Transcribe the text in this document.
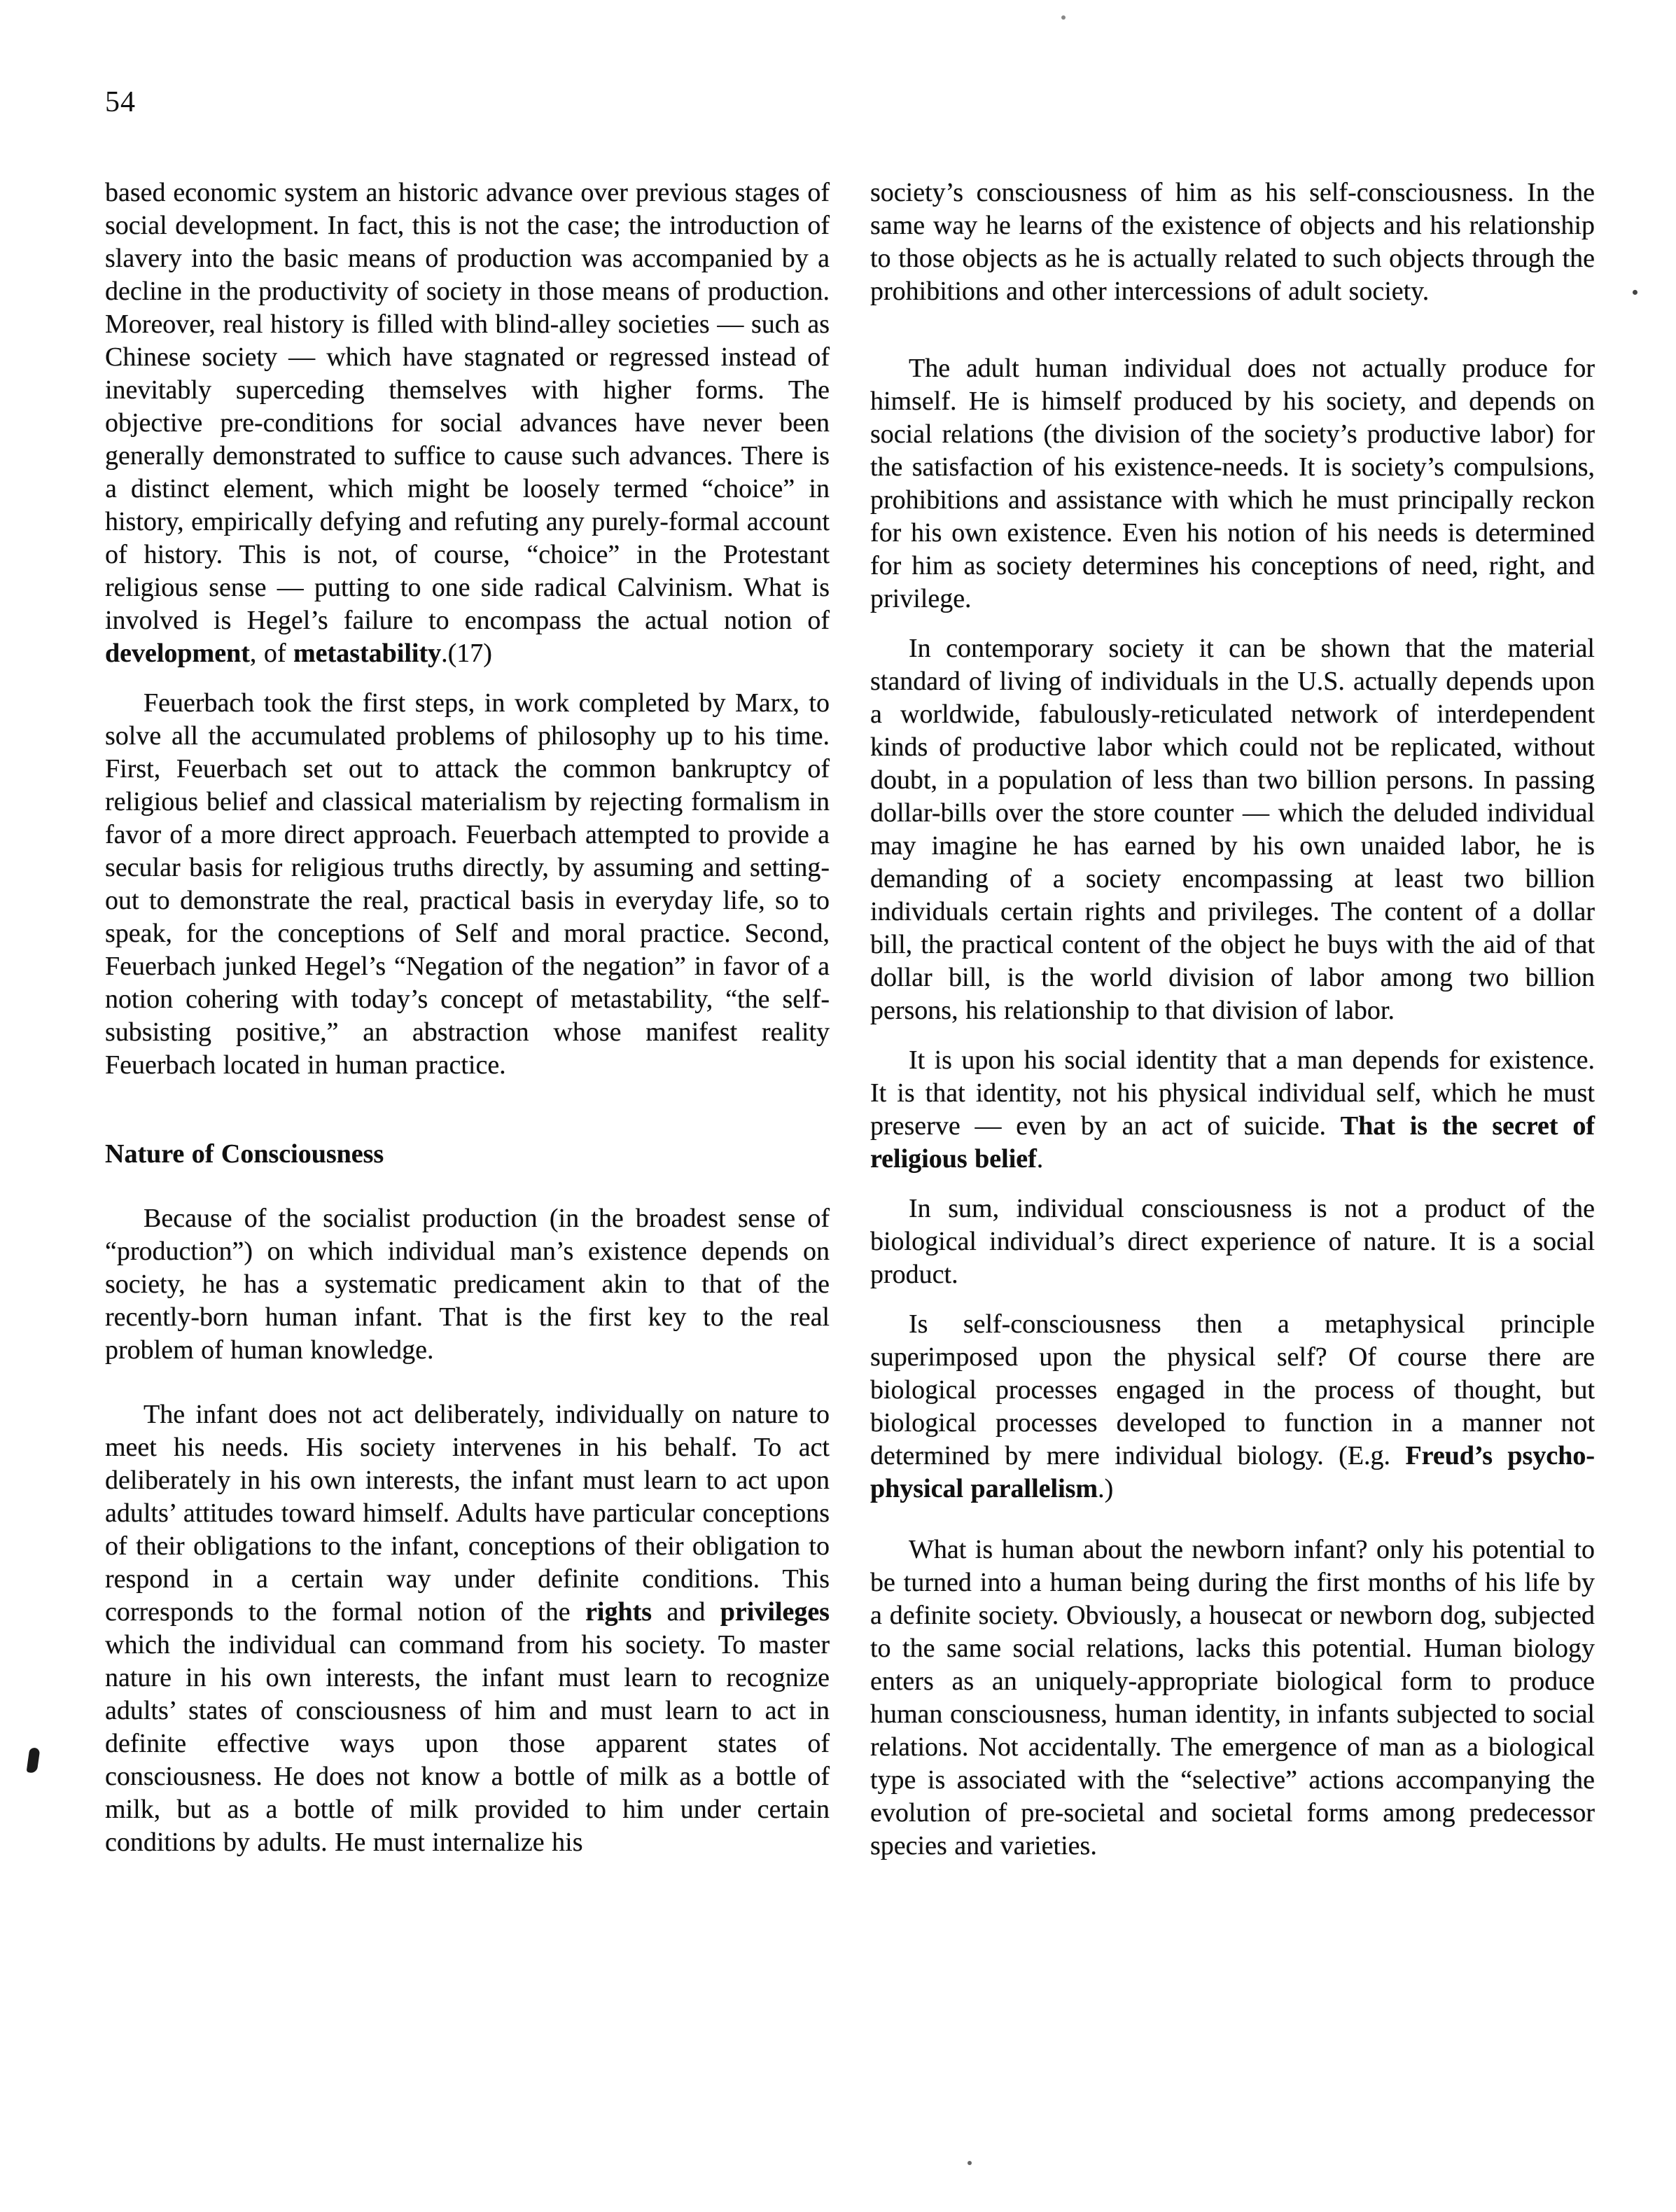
54

based economic system an historic advance over previous stages of social development. In fact, this is not the case; the introduction of slavery into the basic means of production was accompanied by a decline in the productivity of society in those means of production. Moreover, real history is filled with blind-alley societies — such as Chinese society — which have stagnated or regressed instead of inevitably superceding themselves with higher forms. The objective pre-conditions for social advances have never been generally demonstrated to suffice to cause such advances. There is a distinct element, which might be loosely termed “choice” in history, empirically defying and refuting any purely-formal account of history. This is not, of course, “choice” in the Protestant religious sense — putting to one side radical Calvinism. What is involved is Hegel’s failure to encompass the actual notion of development, of metastability.(17)

Feuerbach took the first steps, in work completed by Marx, to solve all the accumulated problems of philosophy up to his time. First, Feuerbach set out to attack the common bankruptcy of religious belief and classical materialism by rejecting formalism in favor of a more direct approach. Feuerbach attempted to provide a secular basis for religious truths directly, by assuming and setting-out to demonstrate the real, practical basis in everyday life, so to speak, for the conceptions of Self and moral practice. Second, Feuerbach junked Hegel’s “Negation of the negation” in favor of a notion cohering with today’s concept of metastability, “the self-subsisting positive,” an abstraction whose manifest reality Feuerbach located in human practice.

Nature of Consciousness

Because of the socialist production (in the broadest sense of “production”) on which individual man’s existence depends on society, he has a systematic predicament akin to that of the recently-born human infant. That is the first key to the real problem of human knowledge.

The infant does not act deliberately, individually on nature to meet his needs. His society intervenes in his behalf. To act deliberately in his own interests, the infant must learn to act upon adults’ attitudes toward himself. Adults have particular conceptions of their obligations to the infant, conceptions of their obligation to respond in a certain way under definite conditions. This corresponds to the formal notion of the rights and privileges which the individual can command from his society. To master nature in his own interests, the infant must learn to recognize adults’ states of consciousness of him and must learn to act in definite effective ways upon those apparent states of consciousness. He does not know a bottle of milk as a bottle of milk, but as a bottle of milk provided to him under certain conditions by adults. He must internalize his

society’s consciousness of him as his self-consciousness. In the same way he learns of the existence of objects and his relationship to those objects as he is actually related to such objects through the prohibitions and other intercessions of adult society.

The adult human individual does not actually produce for himself. He is himself produced by his society, and depends on social relations (the division of the society’s productive labor) for the satisfaction of his existence-needs. It is society’s compulsions, prohibitions and assistance with which he must principally reckon for his own existence. Even his notion of his needs is determined for him as society determines his conceptions of need, right, and privilege.

In contemporary society it can be shown that the material standard of living of individuals in the U.S. actually depends upon a worldwide, fabulously-reticulated network of interdependent kinds of productive labor which could not be replicated, without doubt, in a population of less than two billion persons. In passing dollar-bills over the store counter — which the deluded individual may imagine he has earned by his own unaided labor, he is demanding of a society encompassing at least two billion individuals certain rights and privileges. The content of a dollar bill, the practical content of the object he buys with the aid of that dollar bill, is the world division of labor among two billion persons, his relationship to that division of labor.

It is upon his social identity that a man depends for existence. It is that identity, not his physical individual self, which he must preserve — even by an act of suicide. That is the secret of religious belief.

In sum, individual consciousness is not a product of the biological individual’s direct experience of nature. It is a social product.

Is self-consciousness then a metaphysical principle superimposed upon the physical self? Of course there are biological processes engaged in the process of thought, but biological processes developed to function in a manner not determined by mere individual biology. (E.g. Freud’s psycho-physical parallelism.)

What is human about the newborn infant? only his potential to be turned into a human being during the first months of his life by a definite society. Obviously, a housecat or newborn dog, subjected to the same social relations, lacks this potential. Human biology enters as an uniquely-appropriate biological form to produce human consciousness, human identity, in infants subjected to social relations. Not accidentally. The emergence of man as a biological type is associated with the “selective” actions accompanying the evolution of pre-societal and societal forms among predecessor species and varieties.
